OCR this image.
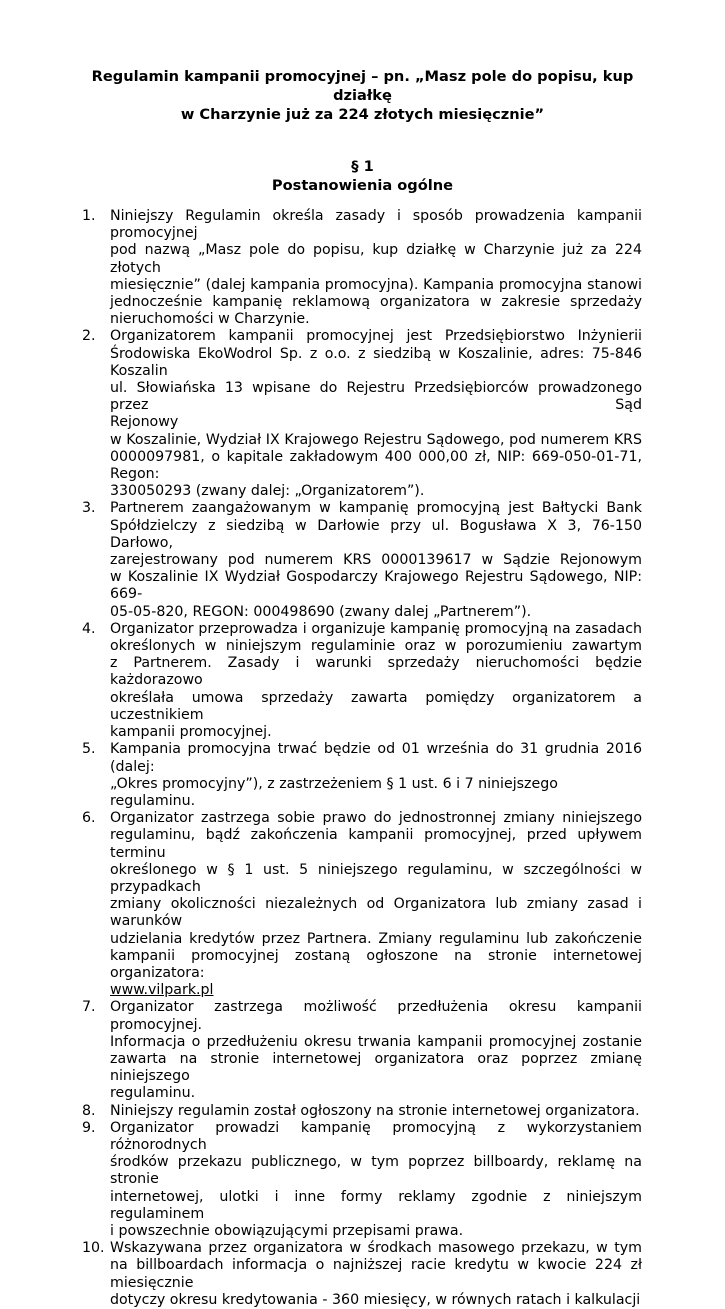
Regulamin kampanii promocyjnej – pn. „Masz pole do popisu, kup
działkę
w Charzynie już za 224 złotych miesięcznie”
§ 1
Postanowienia ogólne
1.	Niniejszy Regulamin określa zasady i sposób prowadzenia kampanii promocyjnej
pod nazwą „Masz pole do popisu, kup działkę w Charzynie już za 224 złotych
miesięcznie” (dalej kampania promocyjna). Kampania promocyjna stanowi
jednocześnie kampanię reklamową organizatora w zakresie sprzedaży
nieruchomości w Charzynie.
2.	Organizatorem kampanii promocyjnej jest Przedsiębiorstwo Inżynierii
Środowiska EkoWodrol Sp. z o.o. z siedzibą w Koszalinie, adres: 75-846 Koszalin
ul. Słowiańska 13 wpisane do Rejestru Przedsiębiorców prowadzonego przez Sąd
Rejonowy
w Koszalinie, Wydział IX Krajowego Rejestru Sądowego, pod numerem KRS
0000097981, o kapitale zakładowym 400 000,00 zł, NIP: 669-050-01-71, Regon:
330050293 (zwany dalej: „Organizatorem”).
3.	Partnerem zaangażowanym w kampanię promocyjną jest Bałtycki Bank
Spółdzielczy z siedzibą w Darłowie przy ul. Bogusława X 3, 76-150 Darłowo,
zarejestrowany pod numerem KRS 0000139617 w Sądzie Rejonowym
w Koszalinie IX Wydział Gospodarczy Krajowego Rejestru Sądowego, NIP: 669-
05-05-820, REGON: 000498690 (zwany dalej „Partnerem”).
4.	Organizator przeprowadza i organizuje kampanię promocyjną na zasadach
określonych w niniejszym regulaminie oraz w porozumieniu zawartym
z Partnerem. Zasady i warunki sprzedaży nieruchomości będzie każdorazowo
określała umowa sprzedaży zawarta pomiędzy organizatorem a uczestnikiem
kampanii promocyjnej.
5.	Kampania promocyjna trwać będzie od 01 września do 31 grudnia 2016 (dalej:
„Okres promocyjny”), z zastrzeżeniem § 1 ust. 6 i 7 niniejszego regulaminu.
6.	Organizator zastrzega sobie prawo do jednostronnej zmiany niniejszego
regulaminu, bądź zakończenia kampanii promocyjnej, przed upływem terminu
określonego w § 1 ust. 5 niniejszego regulaminu, w szczególności w przypadkach
zmiany okoliczności niezależnych od Organizatora lub zmiany zasad i warunków
udzielania kredytów przez Partnera. Zmiany regulaminu lub zakończenie
kampanii promocyjnej zostaną ogłoszone na stronie internetowej organizatora:
www.vilpark.pl
7.	Organizator zastrzega możliwość przedłużenia okresu kampanii promocyjnej.
Informacja o przedłużeniu okresu trwania kampanii promocyjnej zostanie
zawarta na stronie internetowej organizatora oraz poprzez zmianę niniejszego
regulaminu.
8.	Niniejszy regulamin został ogłoszony na stronie internetowej organizatora.
9.	Organizator prowadzi kampanię promocyjną z wykorzystaniem różnorodnych
środków przekazu publicznego, w tym poprzez billboardy, reklamę na stronie
internetowej, ulotki i inne formy reklamy zgodnie z niniejszym regulaminem
i powszechnie obowiązującymi przepisami prawa.
10. Wskazywana przez organizatora w środkach masowego przekazu, w tym
na billboardach informacja o najniższej racie kredytu w kwocie 224 zł miesięcznie
dotyczy okresu kredytowania - 360 miesięcy, w równych ratach i kalkulacji
